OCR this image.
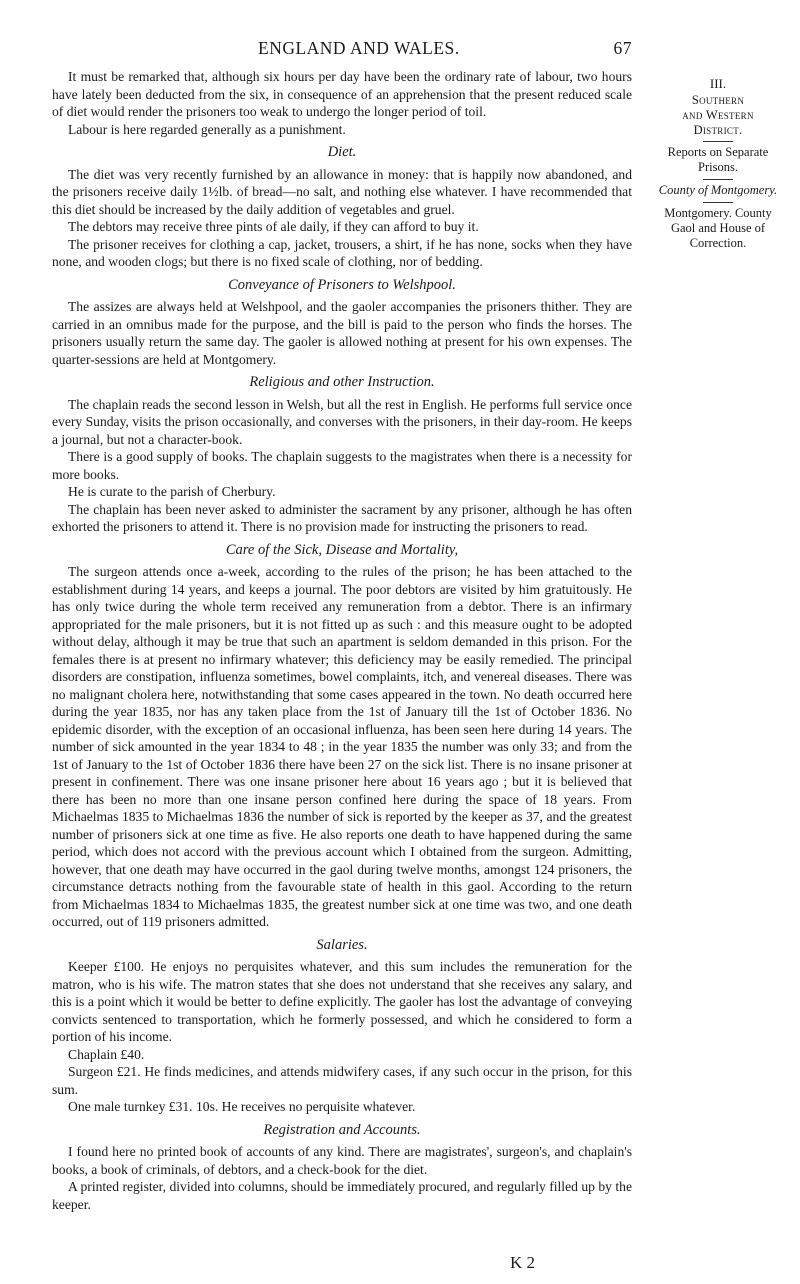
ENGLAND AND WALES.	67

It must be remarked that, although six hours per day have been the ordinary rate of labour, two hours have lately been deducted from the six, in consequence of an apprehension that the present reduced scale of diet would render the prisoners too weak to undergo the longer period of toil.

Labour is here regarded generally as a punishment.

Diet.

The diet was very recently furnished by an allowance in money: that is happily now abandoned, and the prisoners receive daily 1½lb. of bread—no salt, and nothing else whatever. I have recommended that this diet should be increased by the daily addition of vegetables and gruel.

The debtors may receive three pints of ale daily, if they can afford to buy it.

The prisoner receives for clothing a cap, jacket, trousers, a shirt, if he has none, socks when they have none, and wooden clogs; but there is no fixed scale of clothing, nor of bedding.

Conveyance of Prisoners to Welshpool.

The assizes are always held at Welshpool, and the gaoler accompanies the prisoners thither. They are carried in an omnibus made for the purpose, and the bill is paid to the person who finds the horses. The prisoners usually return the same day. The gaoler is allowed nothing at present for his own expenses. The quarter-sessions are held at Montgomery.

Religious and other Instruction.

The chaplain reads the second lesson in Welsh, but all the rest in English. He performs full service once every Sunday, visits the prison occasionally, and converses with the prisoners, in their day-room. He keeps a journal, but not a character-book.

There is a good supply of books. The chaplain suggests to the magistrates when there is a necessity for more books.

He is curate to the parish of Cherbury.

The chaplain has been never asked to administer the sacrament by any prisoner, although he has often exhorted the prisoners to attend it. There is no provision made for instructing the prisoners to read.

Care of the Sick, Disease and Mortality,

The surgeon attends once a-week, according to the rules of the prison; he has been attached to the establishment during 14 years, and keeps a journal. The poor debtors are visited by him gratuitously. He has only twice during the whole term received any remuneration from a debtor. There is an infirmary appropriated for the male prisoners, but it is not fitted up as such : and this measure ought to be adopted without delay, although it may be true that such an apartment is seldom demanded in this prison. For the females there is at present no infirmary whatever; this deficiency may be easily remedied. The principal disorders are constipation, influenza sometimes, bowel complaints, itch, and venereal diseases. There was no malignant cholera here, notwithstanding that some cases appeared in the town. No death occurred here during the year 1835, nor has any taken place from the 1st of January till the 1st of October 1836. No epidemic disorder, with the exception of an occasional influenza, has been seen here during 14 years. The number of sick amounted in the year 1834 to 48 ; in the year 1835 the number was only 33; and from the 1st of January to the 1st of October 1836 there have been 27 on the sick list. There is no insane prisoner at present in confinement. There was one insane prisoner here about 16 years ago ; but it is believed that there has been no more than one insane person confined here during the space of 18 years. From Michaelmas 1835 to Michaelmas 1836 the number of sick is reported by the keeper as 37, and the greatest number of prisoners sick at one time as five. He also reports one death to have happened during the same period, which does not accord with the previous account which I obtained from the surgeon. Admitting, however, that one death may have occurred in the gaol during twelve months, amongst 124 prisoners, the circumstance detracts nothing from the favourable state of health in this gaol. According to the return from Michaelmas 1834 to Michaelmas 1835, the greatest number sick at one time was two, and one death occurred, out of 119 prisoners admitted.

Salaries.

Keeper £100. He enjoys no perquisites whatever, and this sum includes the remuneration for the matron, who is his wife. The matron states that she does not understand that she receives any salary, and this is a point which it would be better to define explicitly. The gaoler has lost the advantage of conveying convicts sentenced to transportation, which he formerly possessed, and which he considered to form a portion of his income.

Chaplain £40.

Surgeon £21. He finds medicines, and attends midwifery cases, if any such occur in the prison, for this sum.

One male turnkey £31. 10s. He receives no perquisite whatever.

Registration and Accounts.

I found here no printed book of accounts of any kind. There are magistrates', surgeon's, and chaplain's books, a book of criminals, of debtors, and a check-book for the diet.

A printed register, divided into columns, should be immediately procured, and regularly filled up by the keeper.

K 2
III.
Southern
and Western
District.
Reports on Separate Prisons.
County of Montgomery.
Montgomery. County Gaol and House of Correction.
